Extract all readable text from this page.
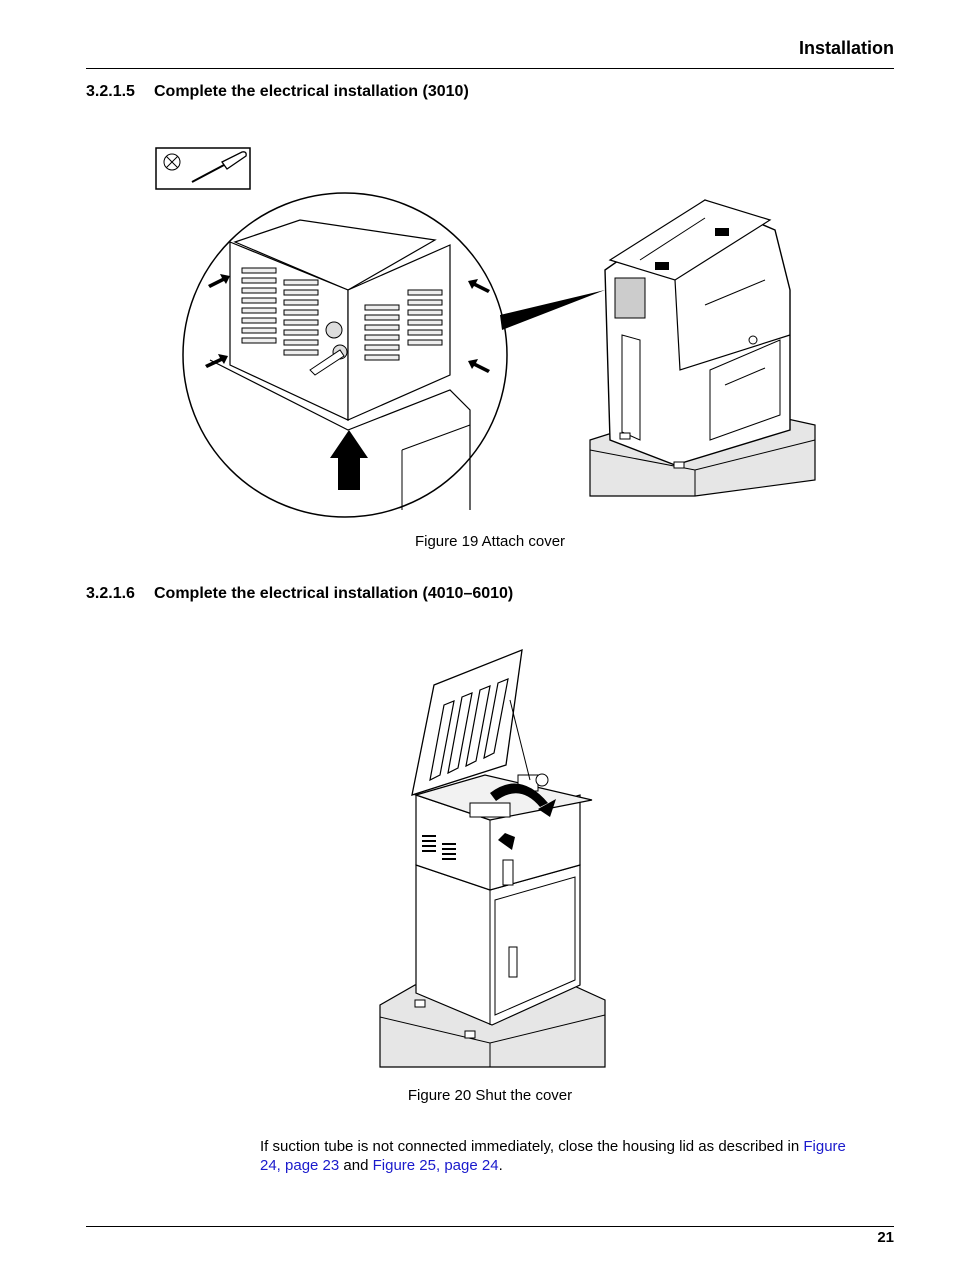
Installation
3.2.1.5 Complete the electrical installation (3010)
Figure 19 Attach cover
3.2.1.6 Complete the electrical installation (4010–6010)
Figure 20 Shut the cover
If suction tube is not connected immediately, close the housing lid as described in Figure 24, page 23 and Figure 25, page 24.
21
